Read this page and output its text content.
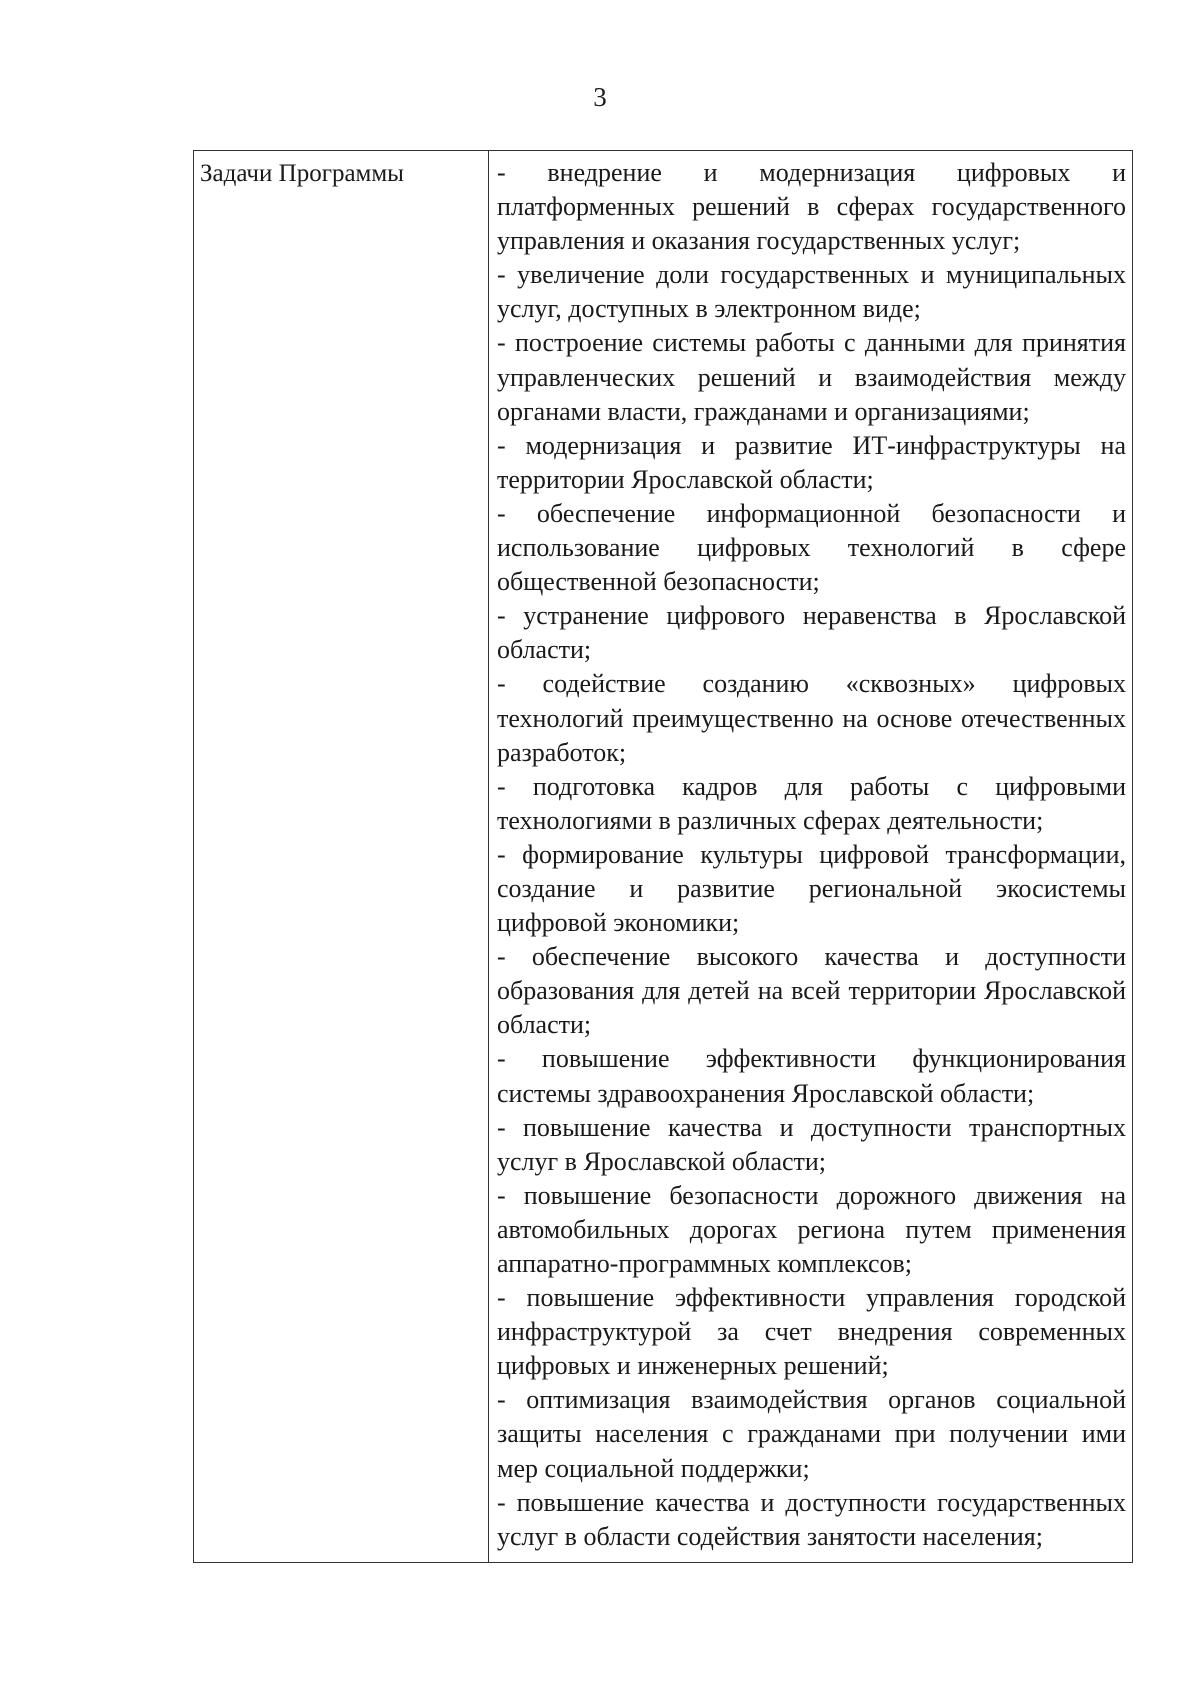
3
Задачи Программы	- внедрение и модернизация цифровых и платформенных решений в сферах государственного управления и оказания государственных услуг;
- увеличение доли государственных и муниципальных услуг, доступных в электронном виде;
- построение системы работы с данными для принятия управленческих решений и взаимодействия между органами власти, гражданами и организациями;
- модернизация и развитие ИТ-инфраструктуры на территории Ярославской области;
- обеспечение информационной безопасности и использование цифровых технологий в сфере общественной безопасности;
- устранение цифрового неравенства в Ярославской области;
- содействие созданию «сквозных» цифровых технологий преимущественно на основе отечественных разработок;
- подготовка кадров для работы с цифровыми технологиями в различных сферах деятельности;
- формирование культуры цифровой трансформации, создание и развитие региональной экосистемы цифровой экономики;
- обеспечение высокого качества и доступности образования для детей на всей территории Ярославской области;
- повышение эффективности функционирования системы здравоохранения Ярославской области;
- повышение качества и доступности транспортных услуг в Ярославской области;
- повышение безопасности дорожного движения на автомобильных дорогах региона путем применения аппаратно-программных комплексов;
- повышение эффективности управления городской инфраструктурой за счет внедрения современных цифровых и инженерных решений;
- оптимизация взаимодействия органов социальной защиты населения с гражданами при получении ими мер социальной поддержки;
- повышение качества и доступности государственных услуг в области содействия занятости населения;
